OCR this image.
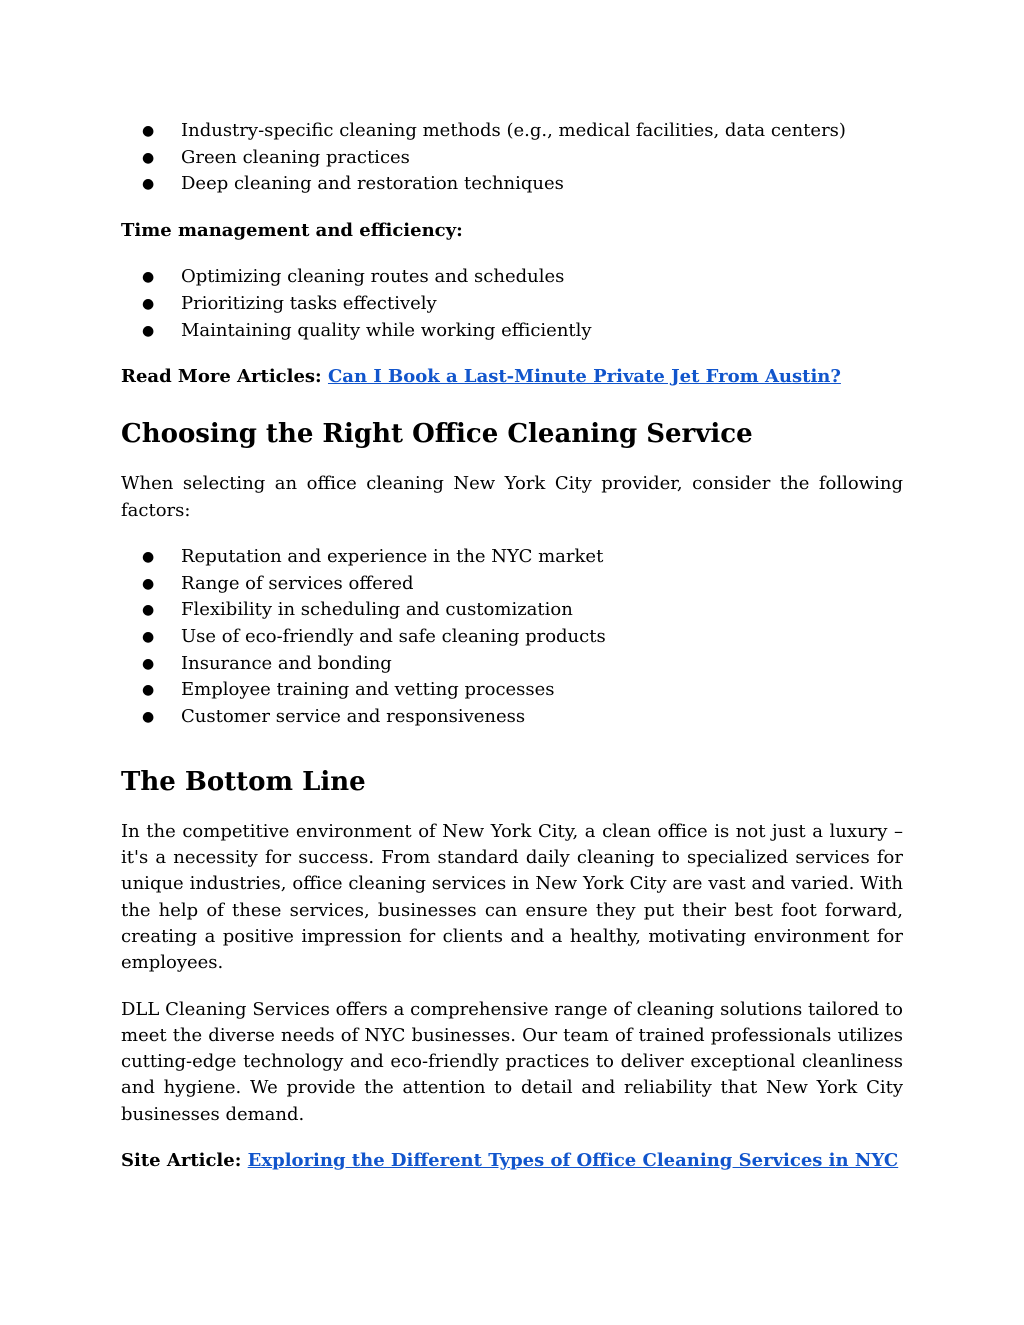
● Industry-specific cleaning methods (e.g., medical facilities, data centers)
● Green cleaning practices
● Deep cleaning and restoration techniques
Time management and efficiency:
● Optimizing cleaning routes and schedules
● Prioritizing tasks effectively
● Maintaining quality while working efficiently
Read More Articles: Can I Book a Last-Minute Private Jet From Austin?
Choosing the Right Office Cleaning Service

When selecting an office cleaning New York City provider, consider the following factors:

● Reputation and experience in the NYC market
● Range of services offered
● Flexibility in scheduling and customization
● Use of eco-friendly and safe cleaning products
● Insurance and bonding
● Employee training and vetting processes
● Customer service and responsiveness
The Bottom Line

In the competitive environment of New York City, a clean office is not just a luxury – it's a necessity for success. From standard daily cleaning to specialized services for unique industries, office cleaning services in New York City are vast and varied. With the help of these services, businesses can ensure they put their best foot forward, creating a positive impression for clients and a healthy, motivating environment for employees.

DLL Cleaning Services offers a comprehensive range of cleaning solutions tailored to meet the diverse needs of NYC businesses. Our team of trained professionals utilizes cutting-edge technology and eco-friendly practices to deliver exceptional cleanliness and hygiene. We provide the attention to detail and reliability that New York City businesses demand.

Site Article: Exploring the Different Types of Office Cleaning Services in NYC
